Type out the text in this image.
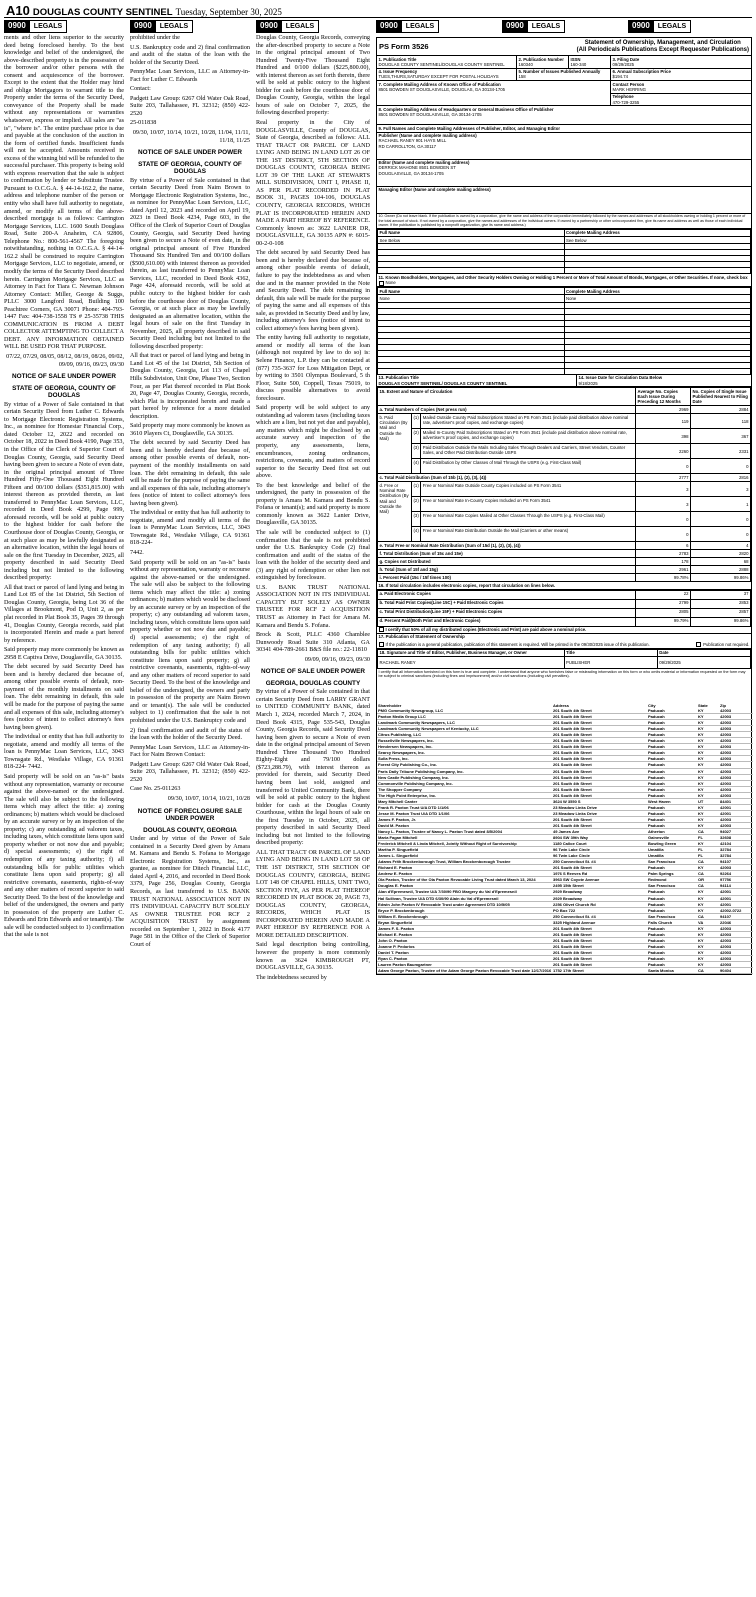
A10 DOUGLAS COUNTY SENTINEL Tuesday, September 30, 2025
0900	LEGALS
ments and other liens superior to the security deed being foreclosed hereby. To the best knowledge and belief of the undersigned, the above-described property is in the possession of the borrower and/or other persons with the consent and acquiescence of the borrower. Except to the extent that the Holder may hind and oblige Mortgagors to warrant title to the Property under the terms of the Security Deed, conveyance of the Property shall be made without any representations or warranties whatsoever, express or implied. All sales are "as is", "where is". The entire purchase price is due and payable at the conclusion of the auction in the form of certified funds. Insufficient funds will not be accepted. Amounts received in excess of the winning bid will be refunded to the successful purchaser. This property is being sold with express reservation that the sale is subject to confirmation by lender or Substitute Trustee. Pursuant to O.C.G.A. § 44-14-162.2, the name, address and telephone number of the person or entity who shall have full authority to negotiate, amend, or modify all terms of the above-described mortgage is as follows: Carrington Mortgage Services, LLC. 1600 South Douglass Road, Suite 200-A Anaheim, CA 92806, Telephone No.: 800-561-4567 The foregoing notwithstanding, nothing in O.C.G.A. § 44-14-162.2 shall be construed to require Carrington Mortgage Services, LLC to negotiate, amend, or modify the terms of the Security Deed described herein. Carrington Mortgage Services, LLC as Attorney in Fact for Tiara C. Newman Johnson Attorney Contact: Miller, George & Suggs, PLLC 3000 Langford Road, Building 100 Peachtree Corners, GA 30071 Phone: 404-793-1447 Fax: 404-738-1558 TS # 25-35738 THIS COMMUNICATION IS FROM A DEBT COLLECTOR ATTEMPTING TO COLLECT A DEBT. ANY INFORMATION OBTAINED WILL BE USED FOR THAT PURPOSE.
07/22, 07/29, 08/05, 08/12, 08/19, 08/26, 09/02, 09/09, 09/16, 09/23, 09/30
NOTICE OF SALE UNDER POWER
STATE OF GEORGIA, COUNTY OF DOUGLAS
By virtue of a Power of Sale contained in that certain Security Deed from Luther C. Edwards to Mortgage Electronic Registration Systems, Inc., as nominee for Homestar Financial Corp., dated October 12, 2022 and recorded on October 18, 2022 in Deed Book 4190, Page 353, in the Office of the Clerk of Superior Court of Douglas County, Georgia, said Security Deed having been given to secure a Note of even date, in the original principal amount of Three Hundred Fifty-One Thousand Eight Hundred Fifteen and 00/100 dollars ($351,815.00) with interest thereon as provided therein, as last transferred to PennyMac Loan Services, LLC, recorded in Deed Book 4299, Page 999, aforesaid records, will be sold at public outcry to the highest bidder for cash before the Courthouse door of Douglas County, Georgia, or at such place as may be lawfully designated as an alternative location, within the legal hours of sale on the first Tuesday in December, 2025, all property described in said Security Deed including but not limited to the following described property:
All that tract or parcel of land lying and being in Land Lot 85 of the 1st District, 5th Section of Douglas County, Georgia, being Lot 36 of the Villages at Brookmont, Pod D, Unit 2, as per plat recorded in Plat Book 35, Pages 39 through 41, Douglas County, Georgia records, said plat is incorporated Herein and made a part hereof by reference.
Said property may more commonly be known as 2958 E Captiva Drive, Douglasville, GA 30135.
The debt secured by said Security Deed has been and is hereby declared due because of, among other possible events of default, non-payment of the monthly installments on said loan. The debt remaining in default, this sale will be made for the purpose of paying the same and all expenses of this sale, including attorney's fees (notice of intent to collect attorney's fees having been given).
The individual or entity that has full authority to negotiate, amend and modify all terms of the loan is PennyMac Loan Services, LLC, 3043 Townsgate Rd., Westlake Village, CA 91361 818-224- 7442.
Said property will be sold on an "as-is" basis without any representation, warranty or recourse against the above-named or the undersigned. The sale will also be subject to the following items which may affect the title: a) zoning ordinances; b) matters which would be disclosed by an accurate survey or by an inspection of the property; c) any outstanding ad valorem taxes, including taxes, which constitute liens upon said property whether or not now due and payable; d) special assessments; e) the right of redemption of any taxing authority; f) all outstanding bills for public utilities which constitute liens upon said property; g) all restrictive covenants, easements, rights-of-way and any other matters of record superior to said Security Deed. To the best of the knowledge and belief of the undersigned, the owners and party in possession of the property are Luther C. Edwards and Erin Edwards and or tenant(s). The sale will be conducted subject to 1) confirmation that the sale is not
0900	LEGALS
prohibited under the
U.S. Bankruptcy code and 2) final confirmation and audit of the status of the loan with the holder of the Security Deed.
PennyMac Loan Services, LLC as Attorney-in-Fact for Luther C. Edwards
Contact:
Padgett Law Group: 6267 Old Water Oak Road, Suite 203, Tallahassee, FL 32312; (850) 422-2520
25-011838
09/30, 10/07, 10/14, 10/21, 10/28, 11/04, 11/11, 11/18, 11/25
NOTICE OF SALE UNDER POWER
STATE OF GEORGIA, COUNTY OF DOUGLAS
By virtue of a Power of Sale contained in that certain Security Deed from Naim Brown to Mortgage Electronic Registration Systems, Inc., as nominee for PennyMac Loan Services, LLC, dated April 12, 2023 and recorded on April 19, 2023 in Deed Book 4234, Page 603, in the Office of the Clerk of Superior Court of Douglas County, Georgia, said Security Deed having been given to secure a Note of even date, in the original principal amount of Five Hundred Thousand Six Hundred Ten and 00/100 dollars ($500,610.00) with interest thereon as provided therein, as last transferred to PennyMac Loan Services, LLC, recorded in Deed Book 4362, Page 424, aforesaid records, will be sold at public outcry to the highest bidder for cash before the courthouse door of Douglas County, Georgia, or at such place as may be lawfully designated as an alternative location, within the legal hours of sale on the first Tuesday in November, 2025, all property described in said Security Deed including but not limited to the following described property:
All that tract or parcel of land lying and being in Land Lot 45 of the 1st District, 5th Section of Douglas County, Georgia, Lot 113 of Chapel Hills Subdivision, Unit One, Phase Two, Section Four, as per Plat thereof recorded in Plat Book 20, Page 47, Douglas County, Georgia, records, which Plat is incorporated herein and made a part hereof by reference for a more detailed description.
Said property may more commonly be known as 3610 Players Ct, Douglasville, GA 30135.
The debt secured by said Security Deed has been and is hereby declared due because of, among other possible events of default, non-payment of the monthly installments on said loan. The debt remaining in default, this sale will be made for the purpose of paying the same and all expenses of this sale, including attorney's fees (notice of intent to collect attorney's fees having been given).
The individual or entity that has full authority to negotiate, amend and modify all terms of the loan is PennyMac Loan Services, LLC, 3043 Townsgate Rd., Westlake Village, CA 91361 818-224-
7442.
Said property will be sold on an "as-is" basis without any representation, warranty or recourse against the above-named or the undersigned. The sale will also be subject to the following items which may affect the title: a) zoning ordinances; b) matters which would be disclosed by an accurate survey or by an inspection of the property; c) any outstanding ad valorem taxes, including taxes, which constitute liens upon said property whether or not now due and payable; d) special assessments; e) the right of redemption of any taxing authority; f) all outstanding bills for public utilities which constitute liens upon said property; g) all restrictive covenants, easements, rights-of-way and any other matters of record superior to said Security Deed. To the best of the knowledge and belief of the undersigned, the owners and party in possession of the property are Naim Brown and or tenant(s). The sale will be conducted subject to 1) confirmation that the sale is not prohibited under the U.S. Bankruptcy code and
2) final confirmation and audit of the status of the loan with the holder of the Security Deed.
PennyMac Loan Services, LLC as Attorney-in-Fact for Naim Brown Contact:
Padgett Law Group: 6267 Old Water Oak Road, Suite 203, Tallahassee, FL 32312; (850) 422-2520
Case No. 25-011263
09/30, 10/07, 10/14, 10/21, 10/28
NOTICE OF FORECLOSURE SALE UNDER POWER
DOUGLAS COUNTY, GEORGIA
Under and by virtue of the Power of Sale contained in a Security Deed given by Amara M. Kamara and Bendu S. Fofana to Mortgage Electronic Registration Systems, Inc., as grantee, as nominee for Ditech Financial LLC, dated April 4, 2016, and recorded in Deed Book 3379, Page 256, Douglas County, Georgia Records, as last transferred to U.S. BANK TRUST NATIONAL ASSOCIATION NOT IN ITS INDIVIDUAL CAPACITY BUT SOLELY AS OWNER TRUSTEE FOR RCF 2 ACQUISITION TRUST by assignment recorded on September 1, 2022 in Book 4177 Page 581 in the Office of the Clerk of Superior Court of
0900	LEGALS
Douglas County, Georgia Records, conveying the after-described property to secure a Note in the original principal amount of Two Hundred Twenty-Five Thousand Eight Hundred and 0/100 dollars ($225,800.00), with interest thereon as set forth therein, there will be sold at public outcry to the highest bidder for cash before the courthouse door of Douglas County, Georgia, within the legal hours of sale on October 7, 2025, the following described property:
Real property in the City of DOUGLASVILLE, County of DOUGLAS, State of Georgia, described as follows: ALL THAT TRACT OR PARCEL OF LAND LYING AND BEING IN LAND LOT 26 OF THE 1ST DISTRICT, 5TH SECTION OF DOUGLAS COUNTY, GEORGIA BEING LOT 39 OF THE LAKE AT STEWARTS MILL SUBDIVISION, UNIT I, PHASE II, AS PER PLAT RECORDED IN PLAT BOOK 31, PAGES 104-106, DOUGLAS COUNTY, GEORGIA RECORDS, WHICH PLAT IS INCORPORATED HEREIN AND MADE A PART HEREOF BY REFERENCE. Commonly known as: 3622 LANIER DR, DOUGLASVILLE, GA 30135 APN #: 6015-00-2-0-108
The debt secured by said Security Deed has been and is hereby declared due because of, among other possible events of default, failure to pay the indebtedness as and when due and in the manner provided in the Note and Security Deed. The debt remaining in default, this sale will be made for the purpose of paying the same and all expenses of this sale, as provided in Security Deed and by law, including attorney's fees (notice of intent to collect attorney's fees having been given).
The entity having full authority to negotiate, amend or modify all terms of the loan (although not required by law to do so) is: Selene Finance, L.P. they can be contacted at (877) 735-3637 for Loss Mitigation Dept, or by writing to 3501 Olympus Boulevard, 5 th Floor, Suite 500, Coppell, Texas 75019, to discuss possible alternatives to avoid foreclosure.
Said property will be sold subject to any outstanding ad valorem taxes (including taxes which are a lien, but not yet due and payable), any matters which might be disclosed by an accurate survey and inspection of the property, any assessments, liens, encumbrances, zoning ordinances, restrictions, covenants, and matters of record superior to the Security Deed first set out above.
To the best knowledge and belief of the undersigned, the party in possession of the property is Amara M. Kamara and Bendu S. Fofana or tenant(s); and said property is more commonly known as 3622 Lanier Drive, Douglasville, GA 30135.
The sale will be conducted subject to (1) confirmation that the sale is not prohibited under the U.S. Bankruptcy Code (2) final confirmation and audit of the status of the loan with the holder of the security deed and (3) any right of redemption or other lien not extinguished by foreclosure.
U.S. BANK TRUST NATIONAL ASSOCIATION NOT IN ITS INDIVIDUAL CAPACITY BUT SOLELY AS OWNER TRUSTEE FOR RCF 2 ACQUISITION TRUST as Attorney in Fact for Amara M. Kamara and Bendu S. Fofana.
Brock & Scott, PLLC 4360 Chamblee Dunwoody Road Suite 310 Atlanta, GA 30341 404-789-2661 B&S file no.: 22-11810
09/09, 09/16, 09/23, 09/30
NOTICE OF SALE UNDER POWER
GEORGIA, DOUGLAS COUNTY
By virtue of a Power of Sale contained in that certain Security Deed from LARRY GRANT to UNITED COMMUNITY BANK, dated March 1, 2024, recorded March 7, 2024, in Deed Book 4315, Page 535-543, Douglas County, Georgia Records, said Security Deed having been given to secure a Note of even date in the original principal amount of Seven Hundred Three Thousand Two Hundred Eighty-Eight and 79/100 dollars ($723,288.79), with interest thereon as provided for therein, said Security Deed having been last sold, assigned and transferred to United Community Bank, there will be sold at public outcry to the highest bidder for cash at the Douglas County Courthouse, within the legal hours of sale on the first Tuesday in October, 2025, all property described in said Security Deed including but not limited to the following described property:
ALL THAT TRACT OR PARCEL OF LAND LYING AND BEING IN LAND LOT 58 OF THE 1ST DISTRICT, 5TH SECTION OF DOUGLAS COUNTY, GEORGIA, BEING LOT 148 OF CHAPEL HILLS, UNIT TWO, SECTION FIVE, AS PER PLAT THEREOF RECORDED IN PLAT BOOK 20, PAGE 73, DOUGLAS COUNTY, GEORGIA, RECORDS, WHICH PLAT IS INCORPORATED HEREIN AND MADE A PART HEREOF BY REFERENCE FOR A MORE DETAILED DESCRIPTION.
Said legal description being controlling, however the property is more commonly known as 3624 KIMBROUGH PT, DOUGLASVILLE, GA 30135.
The indebtedness secured by
0900	LEGALS	0900	LEGALS	0900	LEGALS
PS Form 3526	Statement of Ownership, Management, and Circulation
(All Periodicals Publications Except Requester Publications)
1. Publication Title
DOUGLAS COUNTY SENTINEL/DOUGLAS COUNTY SENTINEL
2. Publication Number
160340
ISSN
160-340
3. Filing Date
09/29/2025
4. Issue Frequency
TUES,THURS,SATURDAY EXCEPT FOR POSTAL HOLIDAYS
5. Number of Issues Published Annually
158
6. Annual Subscription Price
$194.74
7. Complete Mailing Address of Known Office of Publication
8501 BOWDEN ST DOUGLASVILLE, DOUGLAS, GA 30134-1705
Contact Person
MARK HERRING
Telephone
470-729-3255
8. Complete Mailing Address of Headquarters or General Business Office of Publisher
8501 BOWDEN ST DOUGLASVILLE, GA 30134-1705
9. Full Names and Complete Mailing Addresses of Publisher, Editor, and Managing Editor
Publisher (Name and complete mailing address)
RACHAEL RANEY 901 HAYS MILL RD CARROLLTON, GA 30117
Editor (Name and complete mailing address)
DERRICK MAHONE 8501 BOWDEN ST DOUGLASVILLE, GA 30134-1705
Managing Editor (Name and complete mailing address)
10. Owner (Do not leave blank. If the publication is owned by a corporation, give the name and address of the corporation immediately followed by the names and addresses of all stockholders owning or holding 1 percent or more of the total amount of stock. If not owned by a corporation, give the names and addresses of the individual owners. If owned by a partnership or other unincorporated firm, give its name and address as well as those of each individual owner. If the publication is published by a nonprofit organization, give its name and address.)
Full Name	Complete Mailing Address
See Below	See Below

11. Known Bondholders, Mortgagees, and Other Security Holders Owning or Holding 1 Percent or More of Total Amount of Bonds, Mortgages, or Other Securities. If none, check box None
Full Name	Complete Mailing Address
None	None

13. Publication Title
DOUGLAS COUNTY SENTINEL/ DOUGLAS COUNTY SENTINEL
14. Issue Date for Circulation Data Below
9/18/2025
15. Extent and Nature of Circulation			Average No. Copies Each Issue During Preceding 12 Months	No. Copies of Single Issue Published Nearest to Filing Date
a. Total Numbers of Copies (Net press run)			2969	2884
b. Paid Circulation (By Mail and Outside the Mail)	(1)	Mailed Outside County Paid Subscriptions Stated on PS Form 3541 (include paid distribution above nominal rate, advertiser's proof copies, and exchange copies)	119	118
	(2)	Mailed In-County Paid Subscriptions Stated on PS Form 3541 (include paid distribution above nominal rate, advertiser's proof copies, and exchange copies)	398	367
	(3)	Paid Distribution Outside the Mails Including Sales Through Dealers and Carriers, Street Vendors, Counter Sales, and Other Paid Distribution Outside USPS	2260	2331
	(4)	Paid Distribution by Other Classes of Mail Through the USPS (e.g. First-Class Mail)	0	0
c. Total Paid Distribution (Sum of 15b (1), (2), (3), (4))			2777	2816
d. Free or Nominal Rate Distribution (By Mail and Outside the Mail)	(1)	Free or Nominal Rate Outside County Copies included on PS Form 3541	3	3
	(2)	Free or Nominal Rate In-County Copies Included on PS Form 3541	3	1
	(3)	Free or Nominal Rate Copies Mailed at Other Classes Through the USPS (e.g. First-Class Mail)	0	0
	(4)	Free or Nominal Rate Distribution Outside the Mail (Carriers or other means)	0	0
e. Total Free or Nominal Rate Distribution (Sum of 15d (1), (2), (3), (4))			6	4
f. Total Distribution (Sum of 15c and 15e)			2783	2820
g. Copies not Distributed			178	68
h. Total (Sum of 15f and 15g)			2961	2888
i. Percent Paid (15c / 15f times 100)			99.78%	99.86%
16. If total circulation includes electronic copies, report that circulation on lines below.
a. Paid Electronic Copies	22	37
b. Total Paid Print Copies(Line 15C) + Paid Electronic Copies	2799	2853
c. Total Print Distribution(Line 15F) + Paid Electronic Copies	2805	2857
d. Percent Paid(Both Print and Electronic Copies)	99.79%	99.86%
I certify that 50% of all my distributed copies (Electronic and Print) are paid above a nominal price.
17. Publication of Statement of Ownership
If the publication is a general publication, publication of this statement is required. Will be printed in the 09/30/2025 issue of this publication.	Publication not required.
18. Signature and Title of Editor, Publisher, Business Manager, or Owner	Title	Date
RACHAEL RANEY	PUBLISHER	09/29/2025
I certify that all information furnished on this form is true and complete. I understand that anyone who furnishes false or misleading information on this form or who omits material or information requested on the form may be subject to criminal sanctions (including fines and imprisonment) and/or civil sanctions (including civil penalties).
Shareholder	Address	City	State	Zip
PMG Community Newsgroup, LLC	201 South 4th Street	Paducah	KY	42003
Paxton Media Group LLC	201 South 4th Street	Paducah	KY	42003
Landmark Community Newspapers, LLC	201 South 4th Street	Paducah	KY	42003
Landmark Community Newspapers of Kentucky, LLC	201 South 4th Street	Paducah	KY	42003
Citrus Publishing, LLC	201 South 4th Street	Paducah	KY	42003
Russellville Newspapers, Inc.	201 South 4th Street	Paducah	KY	42003
Hendersen Newspapers, Inc.	201 South 4th Street	Paducah	KY	42003
Searcy Newspapers, Inc.	201 South 4th Street	Paducah	KY	42003
Sulla Press, Inc.	201 South 4th Street	Paducah	KY	42003
Forest City Publishing Co., Inc.	201 South 4th Street	Paducah	KY	42003
Paris Daily Tribune Publishing Company, Inc.	201 South 4th Street	Paducah	KY	42003
New Castle Publishing Company, Inc.	201 South 4th Street	Paducah	KY	42003
Commonville Publishing Company, Inc.	201 South 4th Street	Paducah	KY	42003
The Shopper Company	201 South 4th Street	Paducah	KY	42003
The High Point Enterprise, Inc.	201 South 4th Street	Paducah	KY	42003
Mary Mitchell Canter	3624 W 3550 S	West Haven	UT	84401
Frank R. Paxton Trust U/A DTD 1/1/06	23 Meadow Links Drive	Paducah	KY	42001
Jesse M. Paxton Trust U/A DTD 1/1/06	23 Meadow Links Drive	Paducah	KY	42001
James F. Paxton, Jr.	201 South 4th Street	Paducah	KY	42003
David M. Paxton	201 South 4th Street	Paducah	KY	42003
Nancy L. Paxton, Trustee of Nancy L. Paxton Trust dated 8/5/2004	49 James Ave	Atherton	CA	94027
Maria Fagan Mitchell	8904 SW 39th Way	Gainesville	FL	32608
Frederick Mitchell & Linda Mitchell, Jointly Without Right of Survivorship	1180 Calloe Court	Bowling Green	KY	42104
Martha P. Singuefield	96 Twin Lake Circle	Umatilla	FL	32784
James L. Singuefield	96 Twin Lake Circle	Umatilla	FL	32784
Adams Frith Brockenborough Trust, William Brockenborough Trustee	250 Connecticut St. #4	San Francisco	CA	94107
Richard E. Paxton	201 South 4th Street	Paducah	KY	42003
Andrew E. Paxton	1976 S Reeves Rd	Palm Springs	CA	92264
Ola Paxton, Trustee of the Ola Paxton Revocable Living Trust dated March 13, 2024	3963 SW Coyote Avenue	Redmond	OR	97756
Douglas E. Paxton	2495 15th Street	San Francisco	CA	94114
Alan d'Epremesnil, Trustee U/A 7/30/90 FBO Margery du Val d'Epremesnil	2929 Broadway	Paducah	KY	42001
Hal Sullivan, Trustee U/A DTD 6/30/90 Alain du Val d'Epremesnil	2929 Broadway	Paducah	KY	42001
Edwin John Paxton IV Revocable Trust under Agreement DTD 10/5/05	2256 Olivet Church Rd	Paducah	KY	42001
Bryce P. Brockenbrough	PO Box 722	Paducah	KY	42002-0722
William E. Brockenbrough	250 Connecticut St. #4	San Francisco	CA	94107
Bryan Singuefield	3325 Highland Avenue	Falls Church	VA	22046
James F. S. Paxton	201 South 4th Street	Paducah	KY	42003
Michael E. Paxton	201 South 4th Street	Paducah	KY	42003
John O. Paxton	201 South 4th Street	Paducah	KY	42003
Joanne P. Pedorios	201 South 4th Street	Paducah	KY	42003
Daniel T. Paxton	201 South 4th Street	Paducah	KY	42003
Ryan C. Paxton	201 South 4th Street	Paducah	KY	42003
Lauren Paxton Baumgartner	201 South 4th Street	Paducah	KY	42003
Adam George Paxton, Trustee of the Adam George Paxton Revocable Trust date 12/17/2016	1752 17th Street	Santa Monica	CA	90404
